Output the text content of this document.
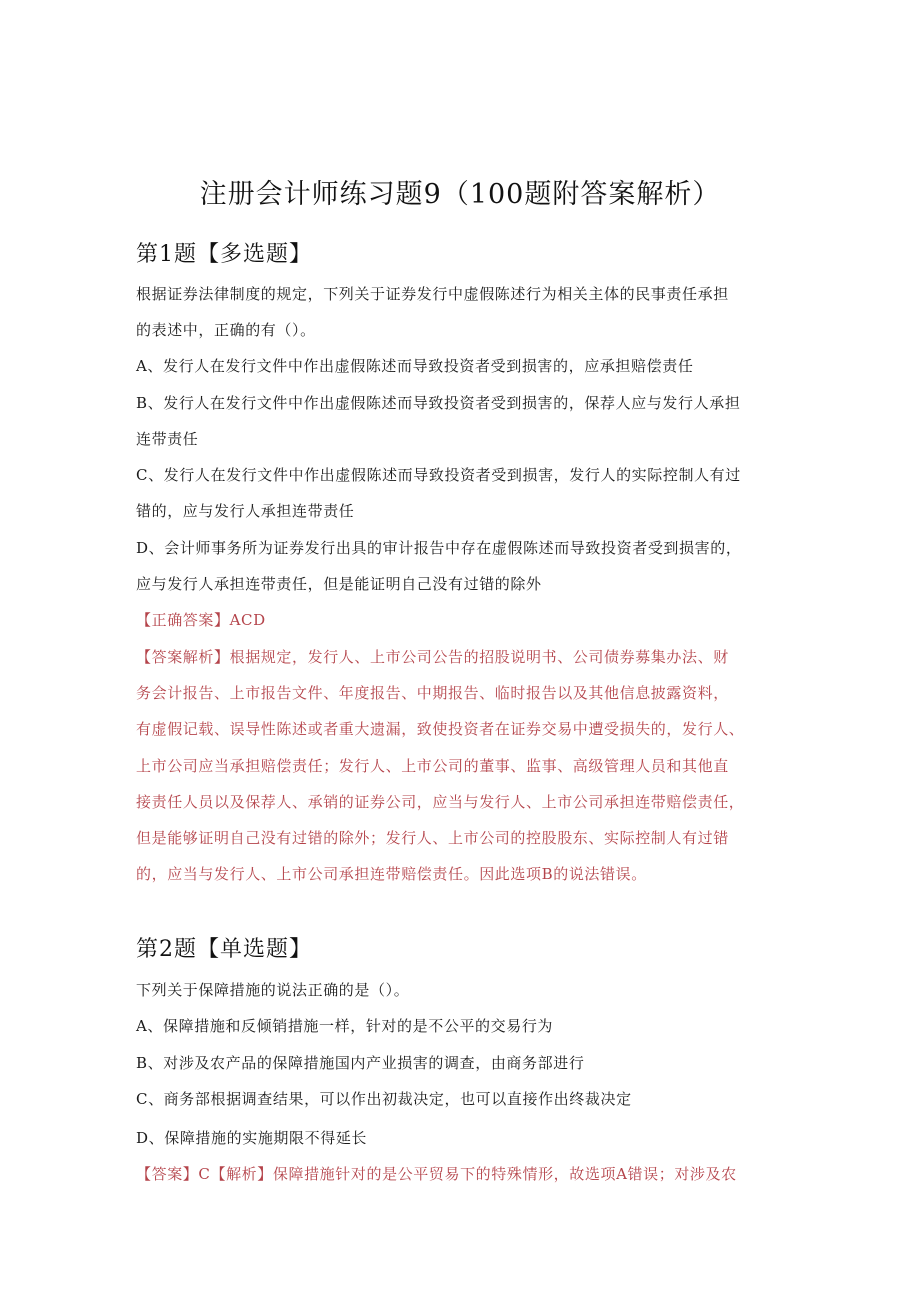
注册会计师练习题9（100题附答案解析）
第1题【多选题】
根据证券法律制度的规定，下列关于证券发行中虚假陈述行为相关主体的民事责任承担
的表述中，正确的有（）。
A、发行人在发行文件中作出虚假陈述而导致投资者受到损害的，应承担赔偿责任
B、发行人在发行文件中作出虚假陈述而导致投资者受到损害的，保荐人应与发行人承担
连带责任
C、发行人在发行文件中作出虚假陈述而导致投资者受到损害，发行人的实际控制人有过
错的，应与发行人承担连带责任
D、会计师事务所为证券发行出具的审计报告中存在虚假陈述而导致投资者受到损害的，
应与发行人承担连带责任，但是能证明自己没有过错的除外
【正确答案】ACD
【答案解析】根据规定，发行人、上市公司公告的招股说明书、公司债券募集办法、财
务会计报告、上市报告文件、年度报告、中期报告、临时报告以及其他信息披露资料，
有虚假记载、误导性陈述或者重大遗漏，致使投资者在证券交易中遭受损失的，发行人、
上市公司应当承担赔偿责任；发行人、上市公司的董事、监事、高级管理人员和其他直
接责任人员以及保荐人、承销的证券公司，应当与发行人、上市公司承担连带赔偿责任，
但是能够证明自己没有过错的除外；发行人、上市公司的控股股东、实际控制人有过错
的，应当与发行人、上市公司承担连带赔偿责任。因此选项B的说法错误。
第2题【单选题】
下列关于保障措施的说法正确的是（）。
A、保障措施和反倾销措施一样，针对的是不公平的交易行为
B、对涉及农产品的保障措施国内产业损害的调查，由商务部进行
C、商务部根据调查结果，可以作出初裁决定，也可以直接作出终裁决定
D、保障措施的实施期限不得延长
【答案】C【解析】保障措施针对的是公平贸易下的特殊情形，故选项A错误；对涉及农
